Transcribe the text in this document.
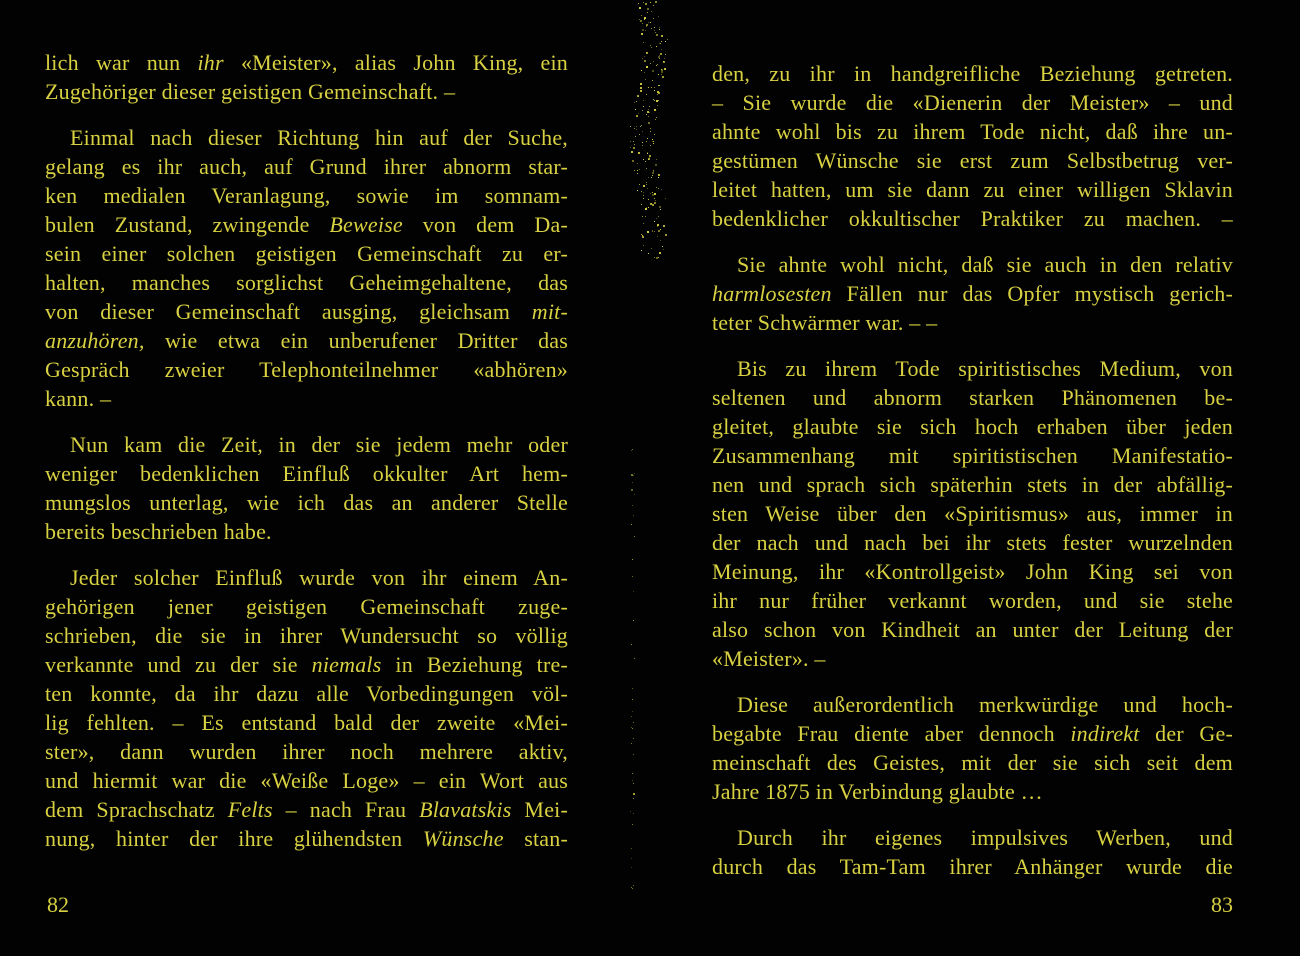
lich war nun ihr «Meister», alias John King, ein
Zugehöriger dieser geistigen Gemeinschaft. –
Einmal nach dieser Richtung hin auf der Suche,
gelang es ihr auch, auf Grund ihrer abnorm star-
ken medialen Veranlagung, sowie im somnam-
bulen Zustand, zwingende Beweise von dem Da-
sein einer solchen geistigen Gemeinschaft zu er-
halten, manches sorglichst Geheimgehaltene, das
von dieser Gemeinschaft ausging, gleichsam mit-
anzuhören, wie etwa ein unberufener Dritter das
Gespräch zweier Telephonteilnehmer «abhören»
kann. –
Nun kam die Zeit, in der sie jedem mehr oder
weniger bedenklichen Einfluß okkulter Art hem-
mungslos unterlag, wie ich das an anderer Stelle
bereits beschrieben habe.
Jeder solcher Einfluß wurde von ihr einem An-
gehörigen jener geistigen Gemeinschaft zuge-
schrieben, die sie in ihrer Wundersucht so völlig
verkannte und zu der sie niemals in Beziehung tre-
ten konnte, da ihr dazu alle Vorbedingungen völ-
lig fehlten. – Es entstand bald der zweite «Mei-
ster», dann wurden ihrer noch mehrere aktiv,
und hiermit war die «Weiße Loge» – ein Wort aus
dem Sprachschatz Felts – nach Frau Blavatskis Mei-
nung, hinter der ihre glühendsten Wünsche stan-
den, zu ihr in handgreifliche Beziehung getreten.
– Sie wurde die «Dienerin der Meister» – und
ahnte wohl bis zu ihrem Tode nicht, daß ihre un-
gestümen Wünsche sie erst zum Selbstbetrug ver-
leitet hatten, um sie dann zu einer willigen Sklavin
bedenklicher okkultischer Praktiker zu machen. –
Sie ahnte wohl nicht, daß sie auch in den relativ
harmlosesten Fällen nur das Opfer mystisch gerich-
teter Schwärmer war. – –
Bis zu ihrem Tode spiritistisches Medium, von
seltenen und abnorm starken Phänomenen be-
gleitet, glaubte sie sich hoch erhaben über jeden
Zusammenhang mit spiritistischen Manifestatio-
nen und sprach sich späterhin stets in der abfällig-
sten Weise über den «Spiritismus» aus, immer in
der nach und nach bei ihr stets fester wurzelnden
Meinung, ihr «Kontrollgeist» John King sei von
ihr nur früher verkannt worden, und sie stehe
also schon von Kindheit an unter der Leitung der
«Meister». –
Diese außerordentlich merkwürdige und hoch-
begabte Frau diente aber dennoch indirekt der Ge-
meinschaft des Geistes, mit der sie sich seit dem
Jahre 1875 in Verbindung glaubte …
Durch ihr eigenes impulsives Werben, und
durch das Tam-Tam ihrer Anhänger wurde die
82	83
